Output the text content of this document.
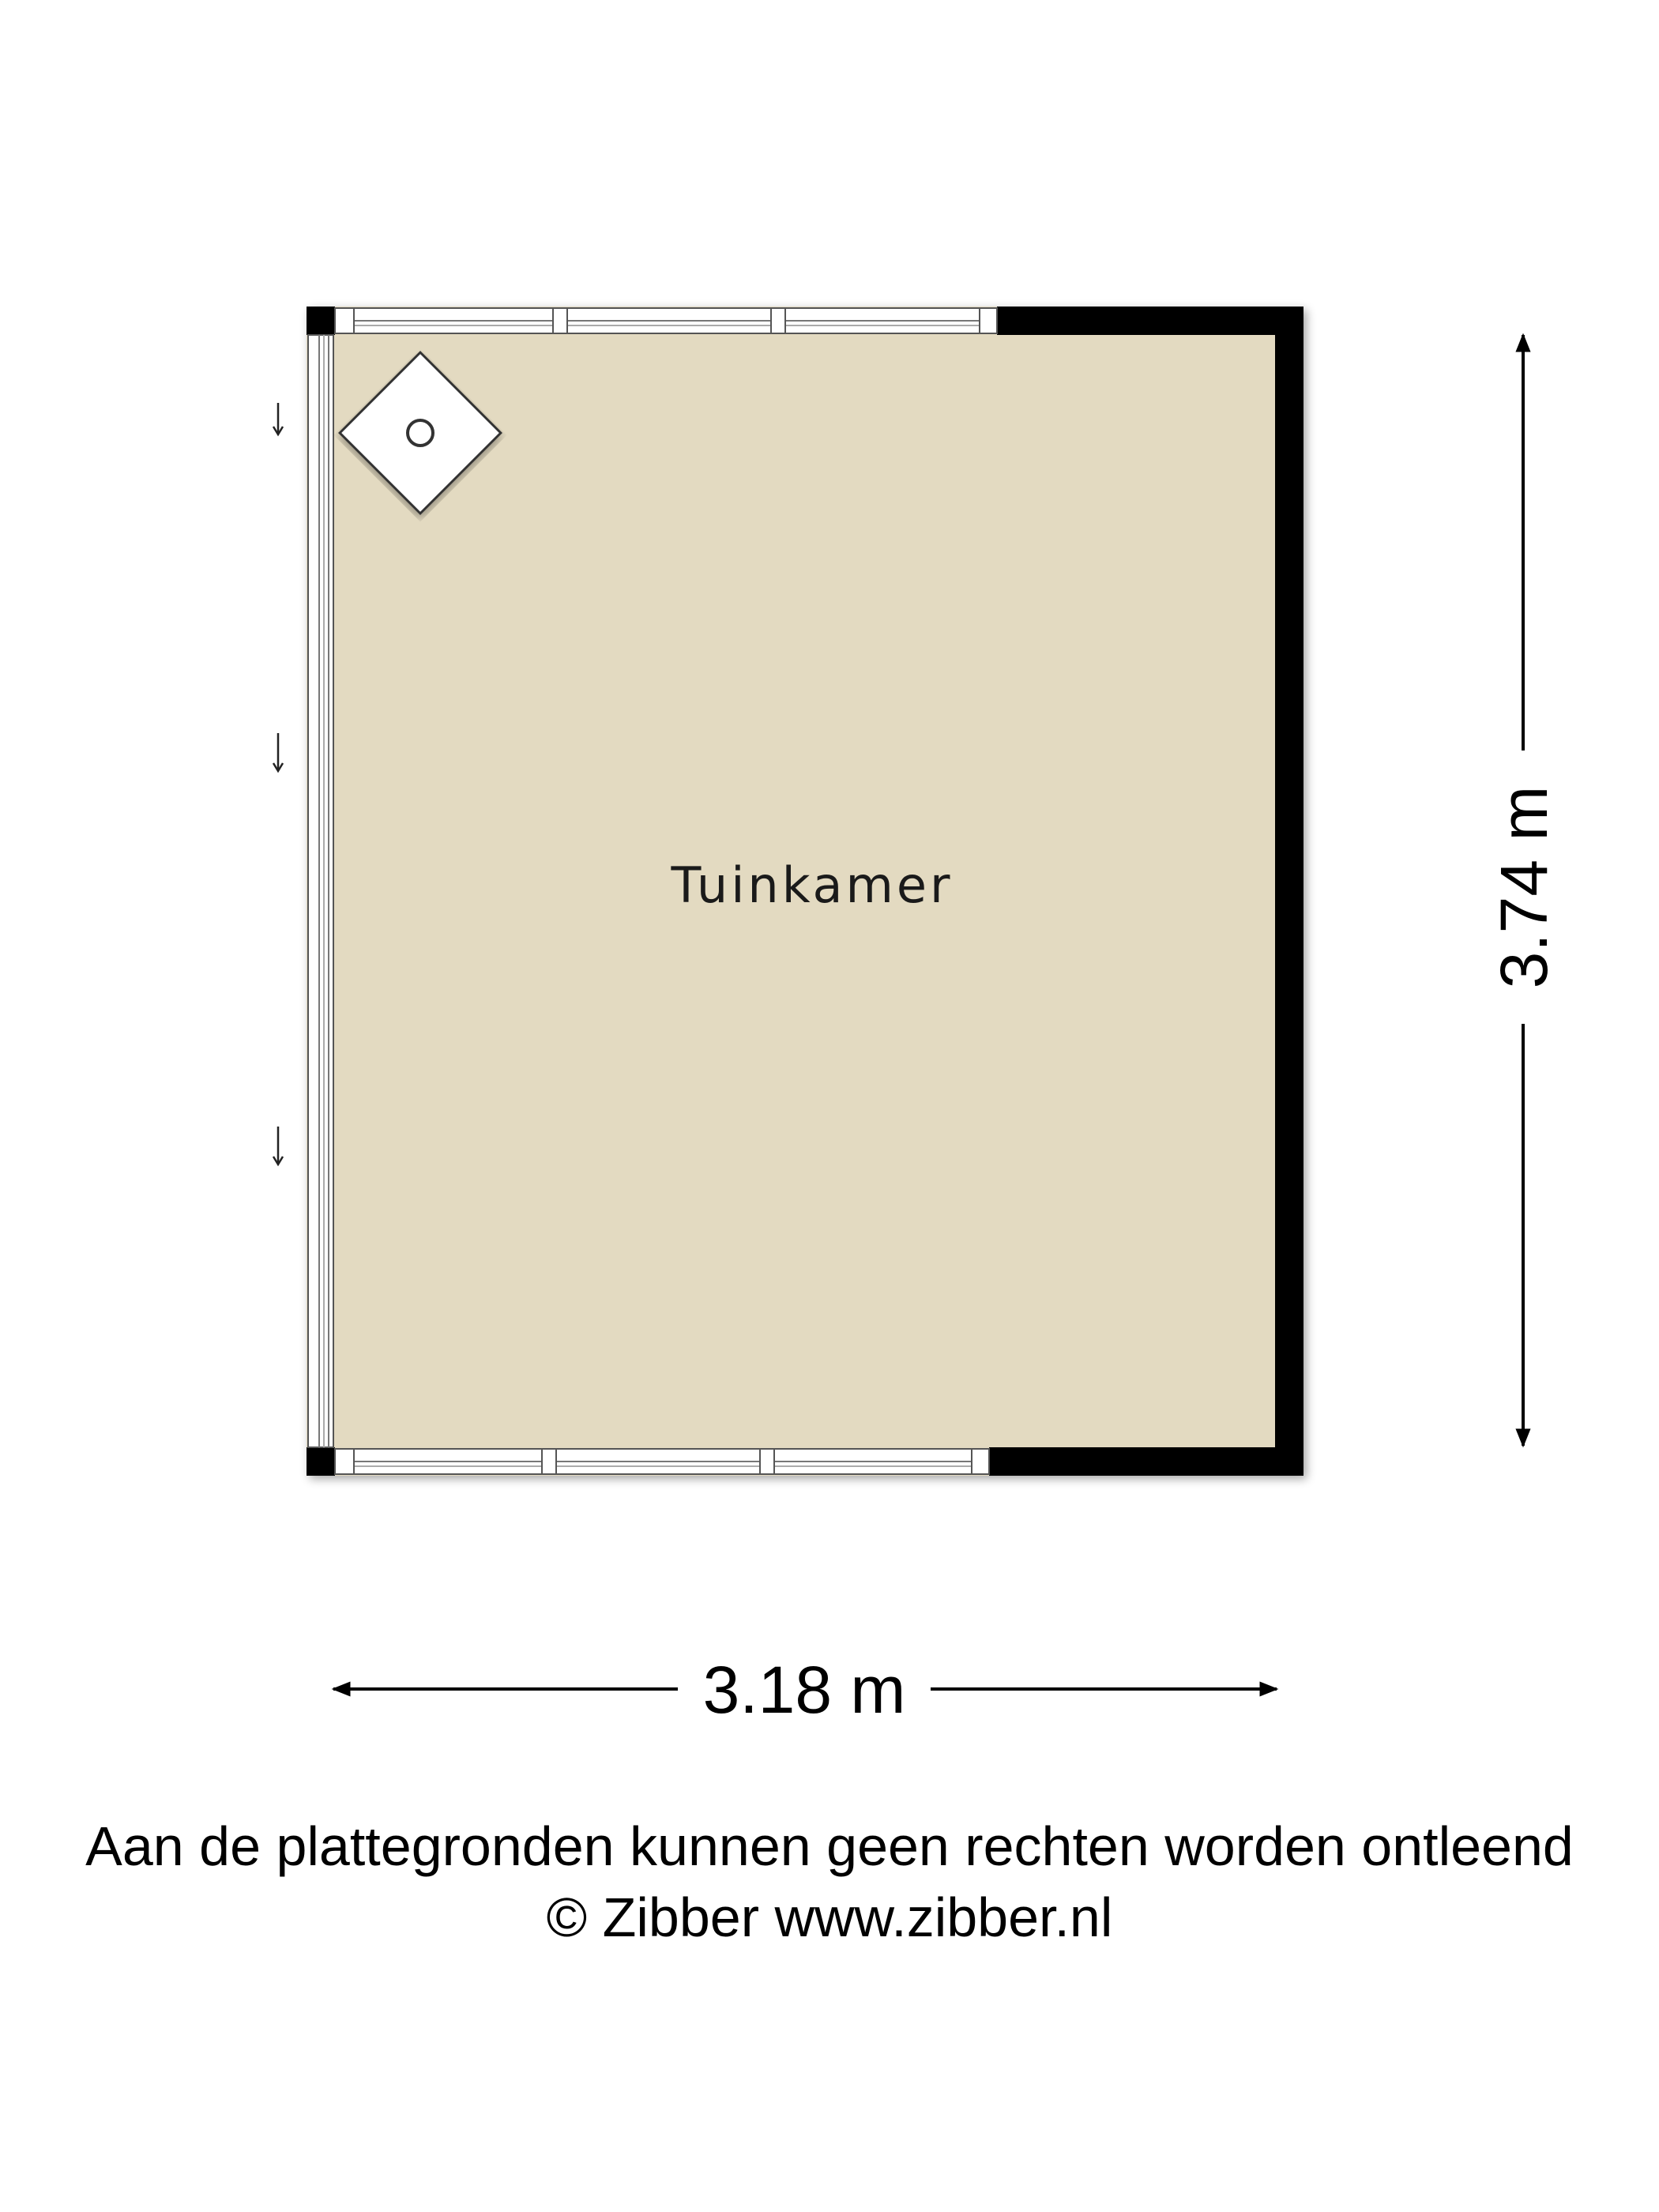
Tuinkamer
3.18 m
3.74 m
Aan de plattegronden kunnen geen rechten worden ontleend
© Zibber www.zibber.nl
